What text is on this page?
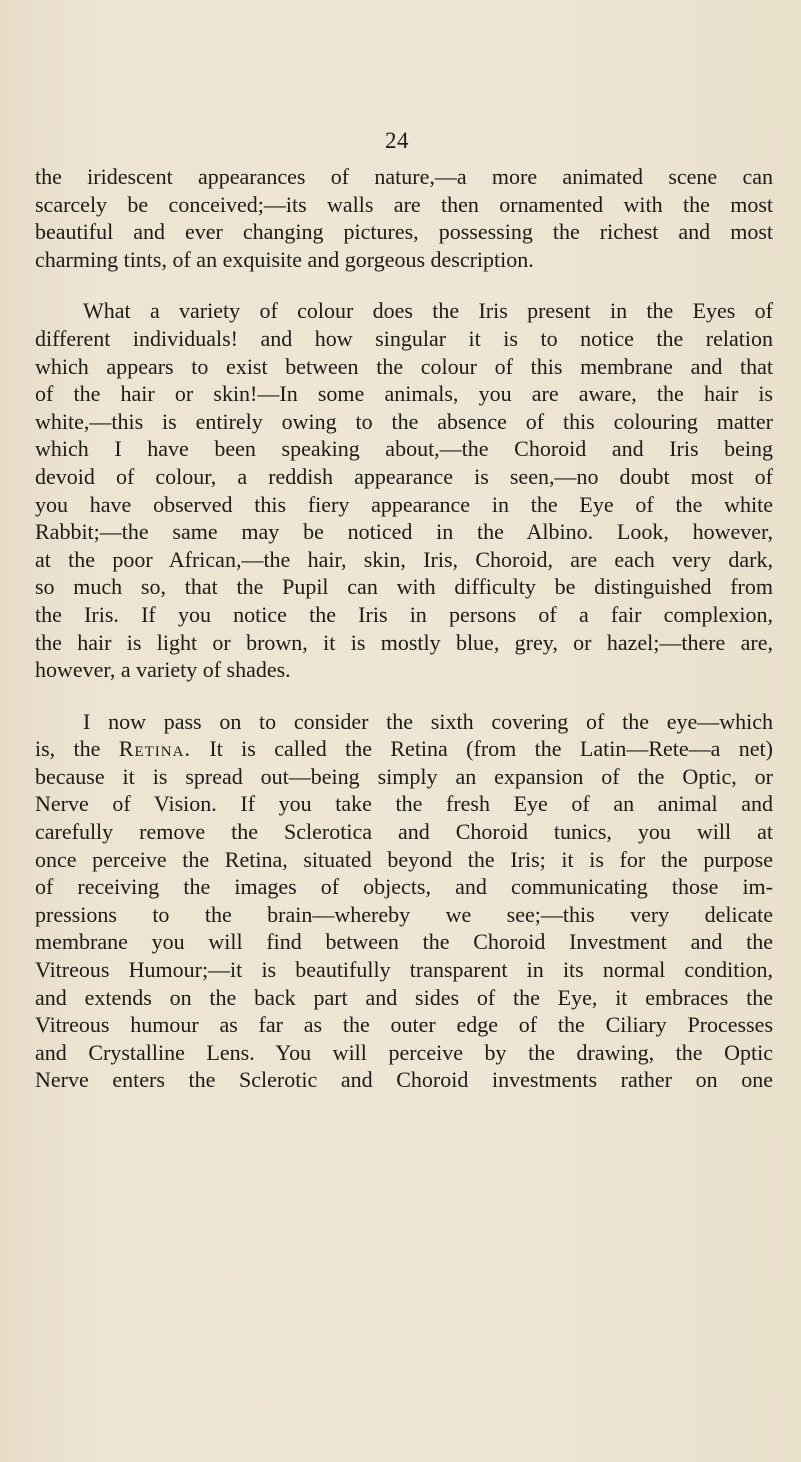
24

the iridescent appearances of nature,—a more animated scene can
scarcely be conceived;—its walls are then ornamented with the most
beautiful and ever changing pictures, possessing the richest and most
charming tints, of an exquisite and gorgeous description.

What a variety of colour does the Iris present in the Eyes of
different individuals! and how singular it is to notice the relation
which appears to exist between the colour of this membrane and that
of the hair or skin!—In some animals, you are aware, the hair is
white,—this is entirely owing to the absence of this colouring matter
which I have been speaking about,—the Choroid and Iris being
devoid of colour, a reddish appearance is seen,—no doubt most of
you have observed this fiery appearance in the Eye of the white
Rabbit;—the same may be noticed in the Albino. Look, however,
at the poor African,—the hair, skin, Iris, Choroid, are each very dark,
so much so, that the Pupil can with difficulty be distinguished from
the Iris. If you notice the Iris in persons of a fair complexion,
the hair is light or brown, it is mostly blue, grey, or hazel;—there are,
however, a variety of shades.

I now pass on to consider the sixth covering of the eye—which
is, the Retina. It is called the Retina (from the Latin—Rete—a net)
because it is spread out—being simply an expansion of the Optic, or
Nerve of Vision. If you take the fresh Eye of an animal and
carefully remove the Sclerotica and Choroid tunics, you will at
once perceive the Retina, situated beyond the Iris; it is for the purpose
of receiving the images of objects, and communicating those im-
pressions to the brain—whereby we see;—this very delicate
membrane you will find between the Choroid Investment and the
Vitreous Humour;—it is beautifully transparent in its normal condition,
and extends on the back part and sides of the Eye, it embraces the
Vitreous humour as far as the outer edge of the Ciliary Processes
and Crystalline Lens. You will perceive by the drawing, the Optic
Nerve enters the Sclerotic and Choroid investments rather on one
